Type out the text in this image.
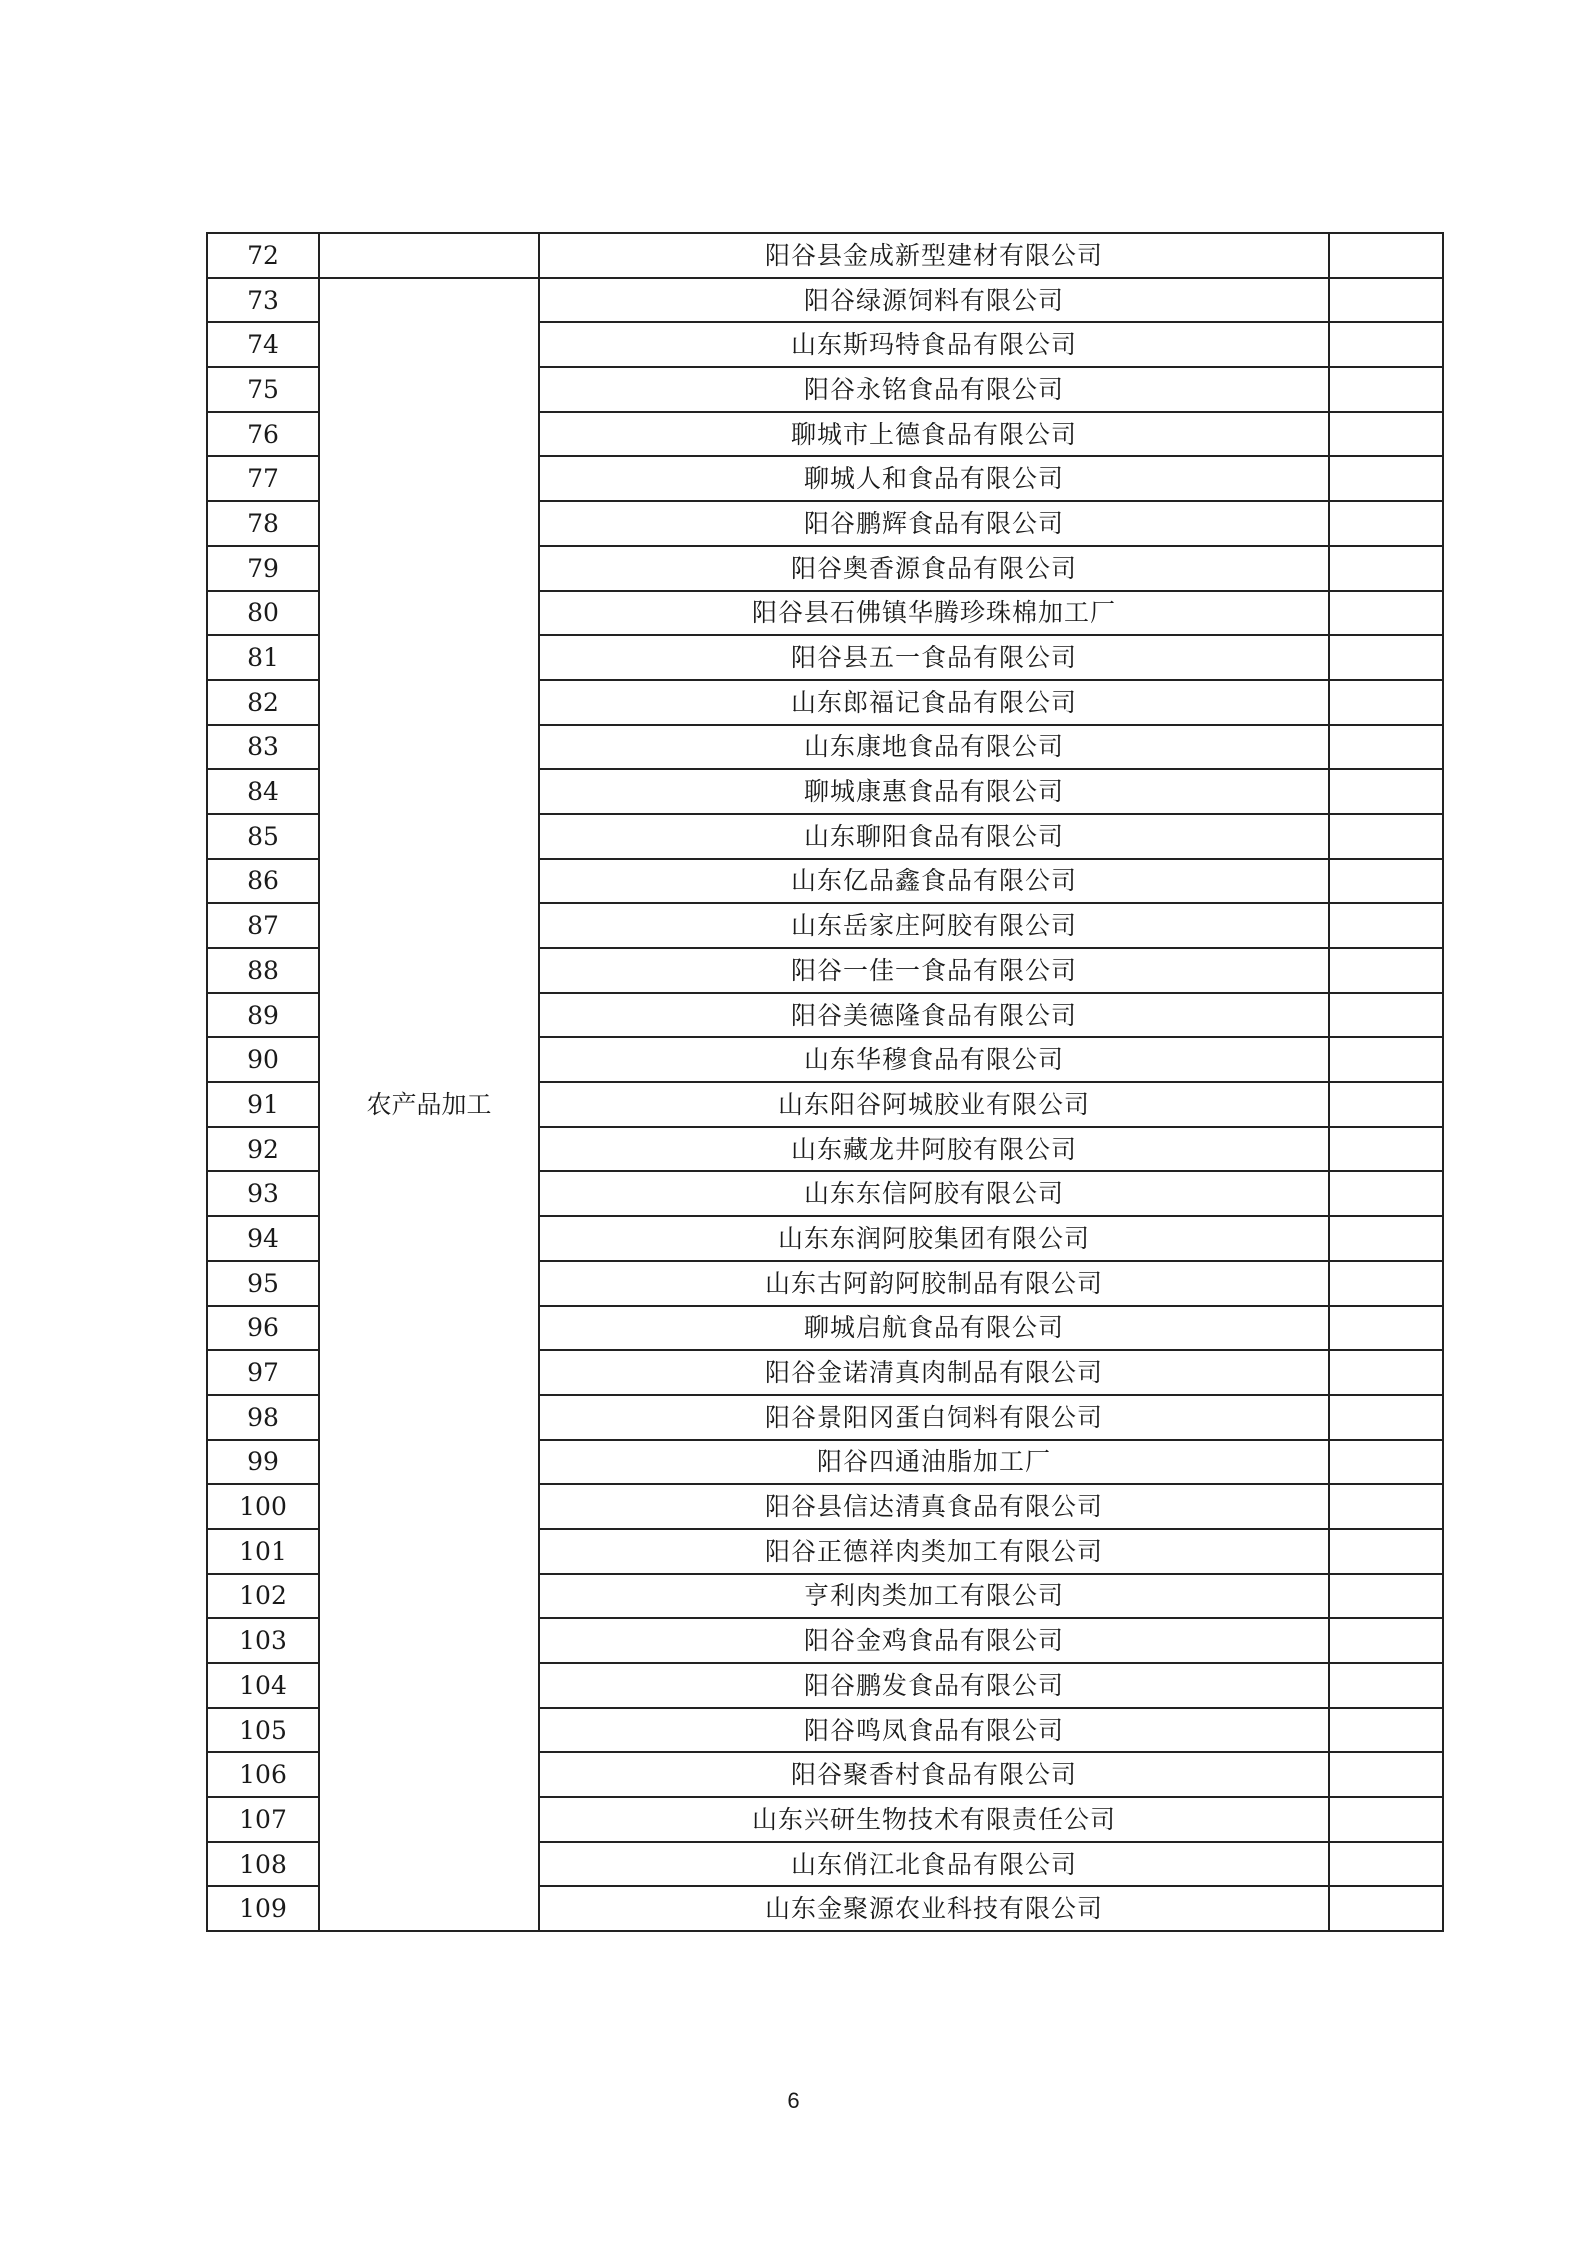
72		阳谷县金成新型建材有限公司	
73	农产品加工	阳谷绿源饲料有限公司	
74		山东斯玛特食品有限公司	
75		阳谷永铭食品有限公司	
76		聊城市上德食品有限公司	
77		聊城人和食品有限公司	
78		阳谷鹏辉食品有限公司	
79		阳谷奥香源食品有限公司	
80		阳谷县石佛镇华腾珍珠棉加工厂	
81		阳谷县五一食品有限公司	
82		山东郎福记食品有限公司	
83		山东康地食品有限公司	
84		聊城康惠食品有限公司	
85		山东聊阳食品有限公司	
86		山东亿品鑫食品有限公司	
87		山东岳家庄阿胶有限公司	
88		阳谷一佳一食品有限公司	
89		阳谷美德隆食品有限公司	
90		山东华穆食品有限公司	
91		山东阳谷阿城胶业有限公司	
92		山东藏龙井阿胶有限公司	
93		山东东信阿胶有限公司	
94		山东东润阿胶集团有限公司	
95		山东古阿韵阿胶制品有限公司	
96		聊城启航食品有限公司	
97		阳谷金诺清真肉制品有限公司	
98		阳谷景阳冈蛋白饲料有限公司	
99		阳谷四通油脂加工厂	
100		阳谷县信达清真食品有限公司	
101		阳谷正德祥肉类加工有限公司	
102		亨利肉类加工有限公司	
103		阳谷金鸡食品有限公司	
104		阳谷鹏发食品有限公司	
105		阳谷鸣凤食品有限公司	
106		阳谷聚香村食品有限公司	
107		山东兴研生物技术有限责任公司	
108		山东俏江北食品有限公司	
109		山东金聚源农业科技有限公司	
6
